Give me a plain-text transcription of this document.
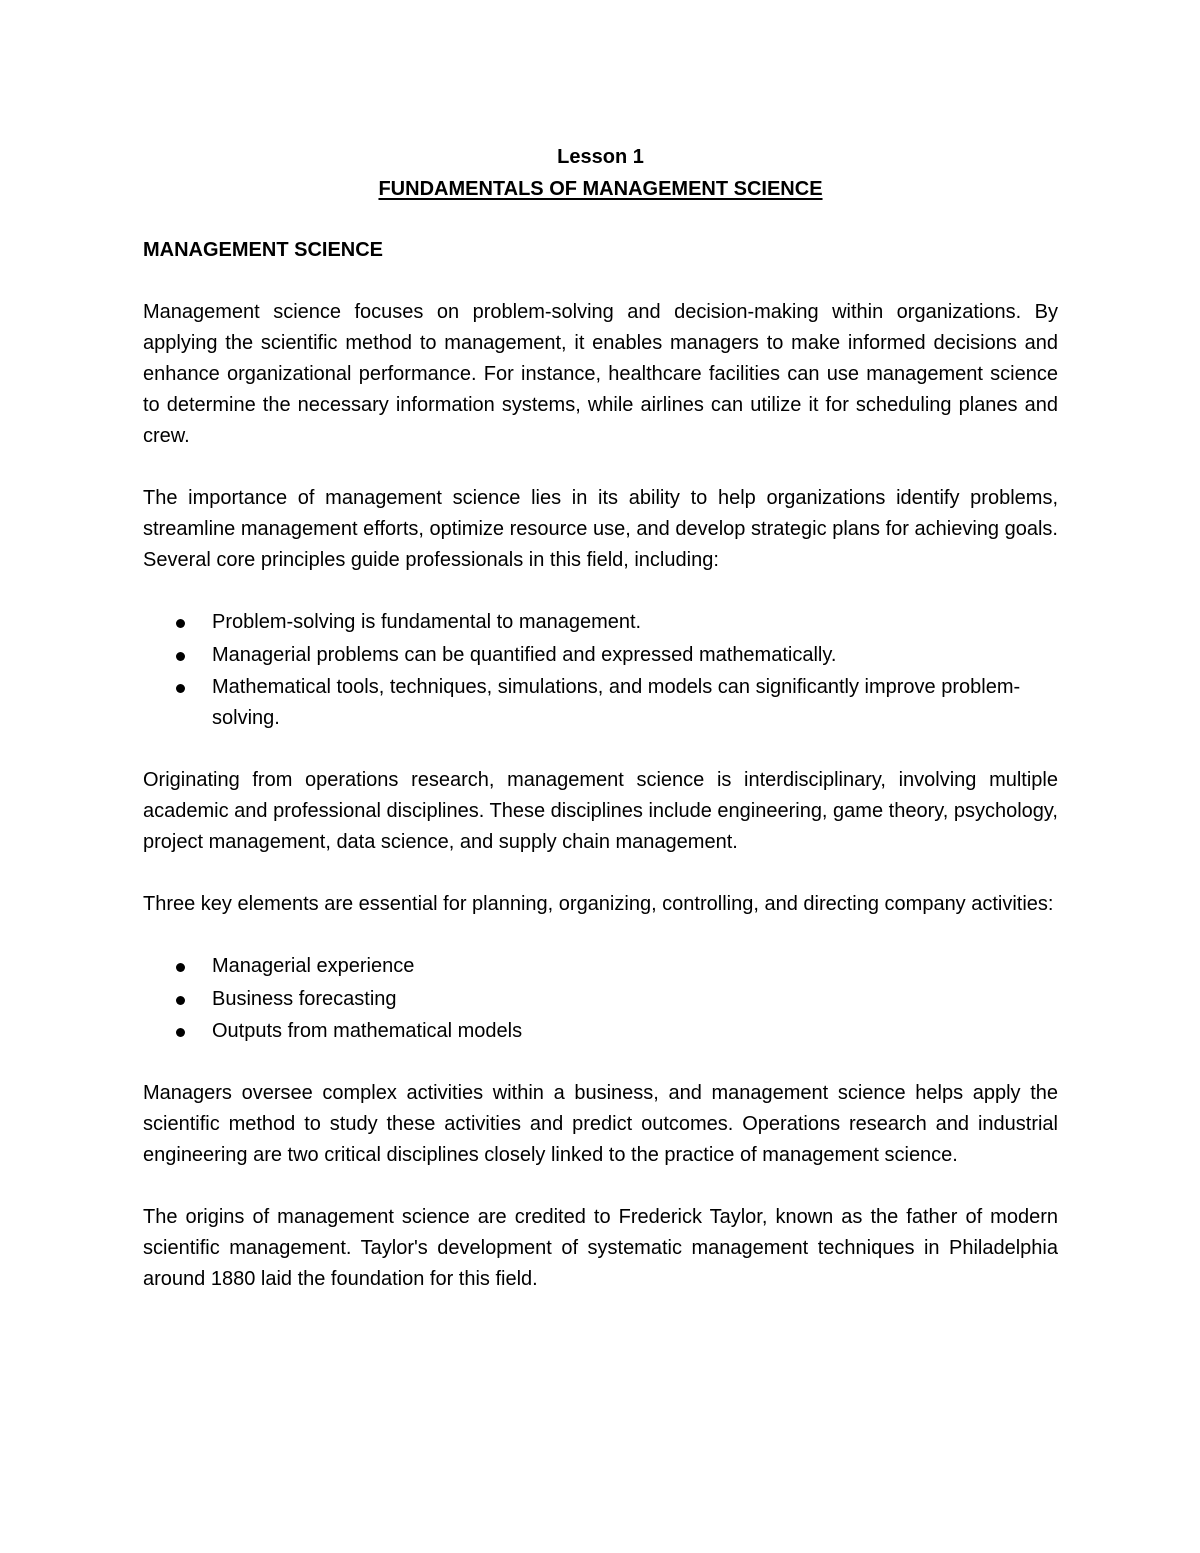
Lesson 1

FUNDAMENTALS OF MANAGEMENT SCIENCE

MANAGEMENT SCIENCE

Management science focuses on problem-solving and decision-making within organizations. By applying the scientific method to management, it enables managers to make informed decisions and enhance organizational performance. For instance, healthcare facilities can use management science to determine the necessary information systems, while airlines can utilize it for scheduling planes and crew.

The importance of management science lies in its ability to help organizations identify problems, streamline management efforts, optimize resource use, and develop strategic plans for achieving goals. Several core principles guide professionals in this field, including:

Problem-solving is fundamental to management.
Managerial problems can be quantified and expressed mathematically.
Mathematical tools, techniques, simulations, and models can significantly improve problem-solving.

Originating from operations research, management science is interdisciplinary, involving multiple academic and professional disciplines. These disciplines include engineering, game theory, psychology, project management, data science, and supply chain management.

Three key elements are essential for planning, organizing, controlling, and directing company activities:

Managerial experience
Business forecasting
Outputs from mathematical models

Managers oversee complex activities within a business, and management science helps apply the scientific method to study these activities and predict outcomes. Operations research and industrial engineering are two critical disciplines closely linked to the practice of management science.

The origins of management science are credited to Frederick Taylor, known as the father of modern scientific management. Taylor's development of systematic management techniques in Philadelphia around 1880 laid the foundation for this field.
